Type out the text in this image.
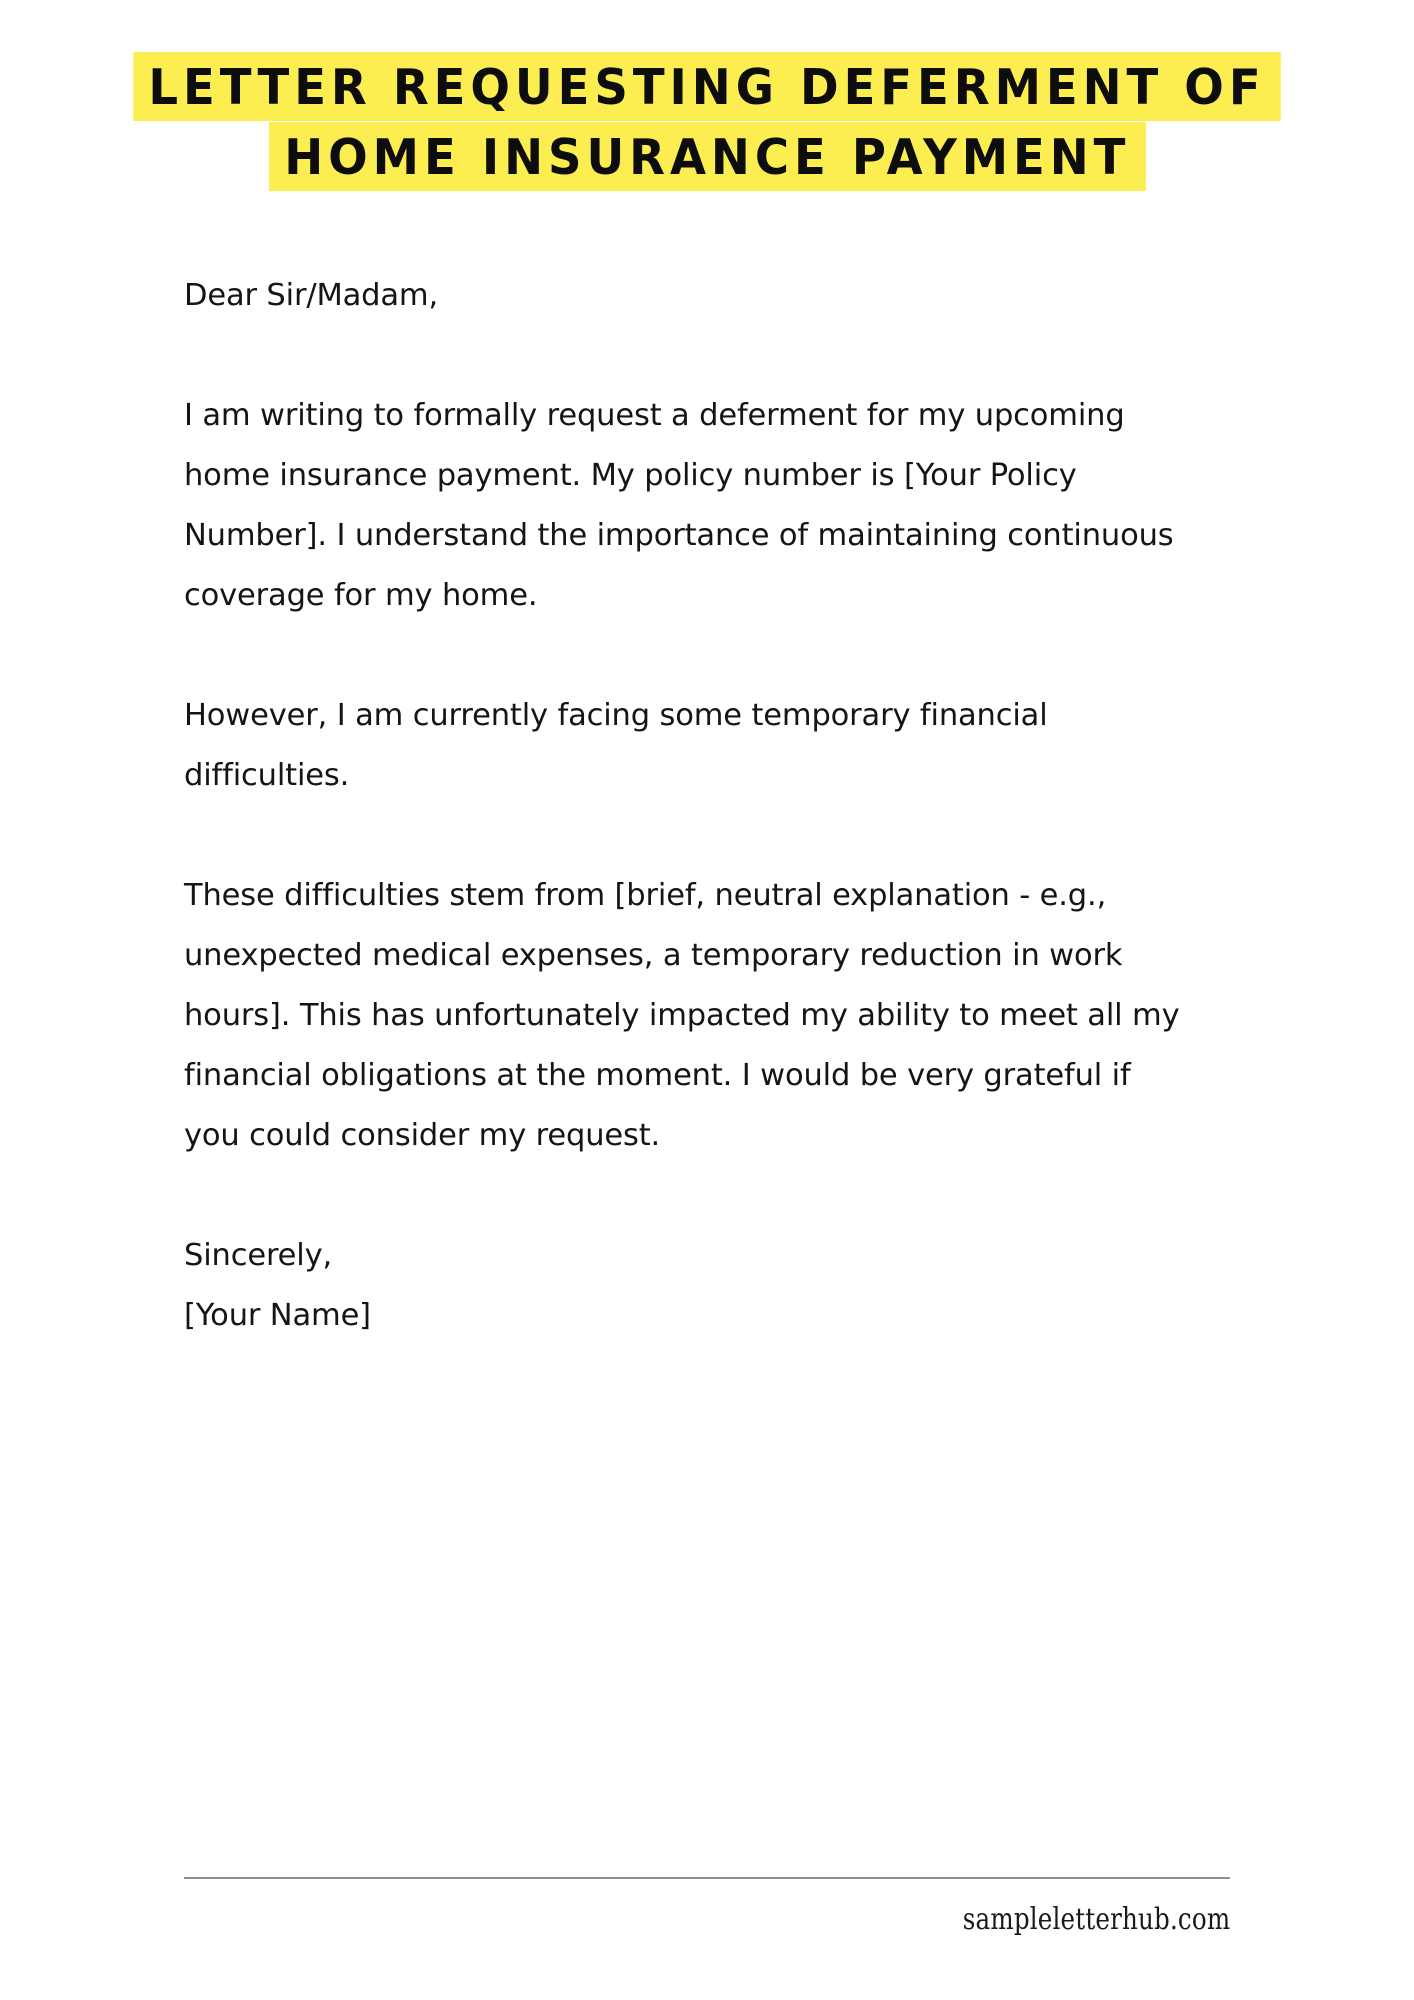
LETTER REQUESTING DEFERMENT OF
HOME INSURANCE PAYMENT

Dear Sir/Madam,

I am writing to formally request a deferment for my upcoming home insurance payment. My policy number is [Your Policy Number]. I understand the importance of maintaining continuous coverage for my home.

However, I am currently facing some temporary financial difficulties.

These difficulties stem from [brief, neutral explanation - e.g., unexpected medical expenses, a temporary reduction in work hours]. This has unfortunately impacted my ability to meet all my financial obligations at the moment. I would be very grateful if you could consider my request.

Sincerely,

[Your Name]

sampleletterhub.com
